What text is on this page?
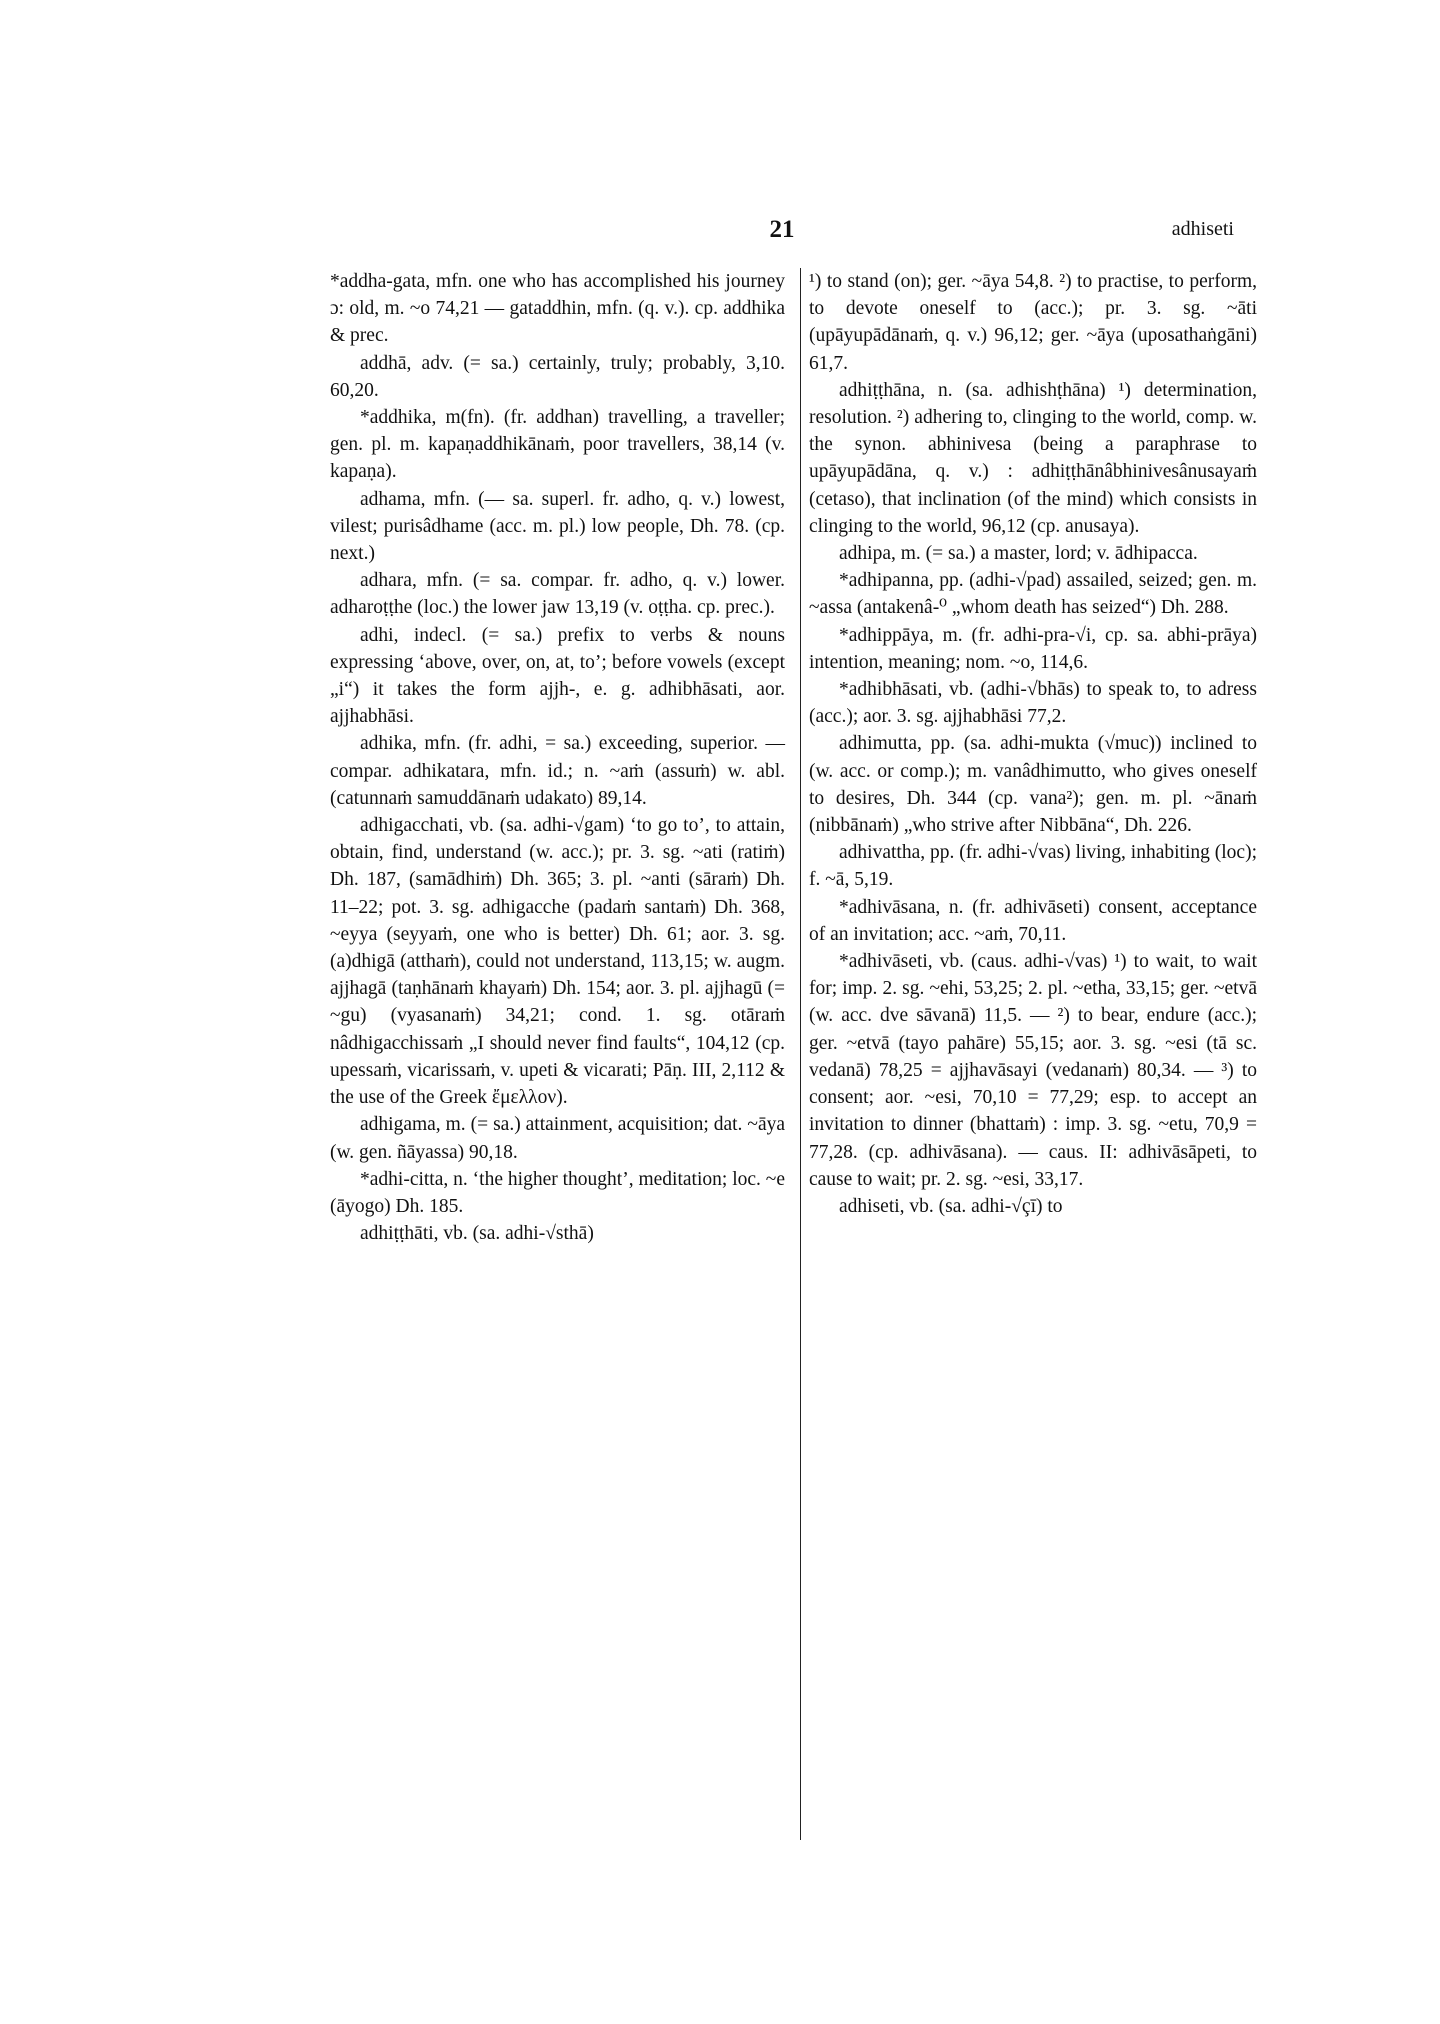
21	adhiseti

*addha-gata, mfn. one who has accomplished his journey ɔ: old, m. ~o 74,21 — gataddhin, mfn. (q. v.). cp. addhika & prec.

addhā, adv. (= sa.) certainly, truly; probably, 3,10. 60,20.

*addhika, m(fn). (fr. addhan) travelling, a traveller; gen. pl. m. kapaṇaddhikānaṁ, poor travellers, 38,14 (v. kapaṇa).

adhama, mfn. (— sa. superl. fr. adho, q. v.) lowest, vilest; purisâdhame (acc. m. pl.) low people, Dh. 78. (cp. next.)

adhara, mfn. (= sa. compar. fr. adho, q. v.) lower. adharoṭṭhe (loc.) the lower jaw 13,19 (v. oṭṭha. cp. prec.).

adhi, indecl. (= sa.) prefix to verbs & nouns expressing ‘above, over, on, at, to’; before vowels (except „i“) it takes the form ajjh-, e. g. adhibhāsati, aor. ajjhabhāsi.

adhika, mfn. (fr. adhi, = sa.) exceeding, superior. — compar. adhikatara, mfn. id.; n. ~aṁ (assuṁ) w. abl. (catunnaṁ samuddānaṁ udakato) 89,14.

adhigacchati, vb. (sa. adhi-√gam) ‘to go to’, to attain, obtain, find, understand (w. acc.); pr. 3. sg. ~ati (ratiṁ) Dh. 187, (samādhiṁ) Dh. 365; 3. pl. ~anti (sāraṁ) Dh. 11–22; pot. 3. sg. adhigacche (padaṁ santaṁ) Dh. 368, ~eyya (seyyaṁ, one who is better) Dh. 61; aor. 3. sg. (a)dhigā (atthaṁ), could not understand, 113,15; w. augm. ajjhagā (taṇhānaṁ khayaṁ) Dh. 154; aor. 3. pl. ajjhagū (= ~gu) (vyasanaṁ) 34,21; cond. 1. sg. otāraṁ nâdhigacchissaṁ „I should never find faults“, 104,12 (cp. upessaṁ, vicarissaṁ, v. upeti & vicarati; Pāṇ. III, 2,112 & the use of the Greek ἔμελλον).

adhigama, m. (= sa.) attainment, acquisition; dat. ~āya (w. gen. ñāyassa) 90,18.

*adhi-citta, n. ‘the higher thought’, meditation; loc. ~e (āyogo) Dh. 185.

adhiṭṭhāti, vb. (sa. adhi-√sthā)

¹) to stand (on); ger. ~āya 54,8. ²) to practise, to perform, to devote oneself to (acc.); pr. 3. sg. ~āti (upāyupādānaṁ, q. v.) 96,12; ger. ~āya (uposathaṅgāni) 61,7.

adhiṭṭhāna, n. (sa. adhishṭhāna) ¹) determination, resolution. ²) adhering to, clinging to the world, comp. w. the synon. abhinivesa (being a paraphrase to upāyupādāna, q. v.) : adhiṭṭhānâbhinivesânusayaṁ (cetaso), that inclination (of the mind) which consists in clinging to the world, 96,12 (cp. anusaya).

adhipa, m. (= sa.) a master, lord; v. ādhipacca.

*adhipanna, pp. (adhi-√pad) assailed, seized; gen. m. ~assa (antakenâ-⁰ „whom death has seized“) Dh. 288.

*adhippāya, m. (fr. adhi-pra-√i, cp. sa. abhi-prāya) intention, meaning; nom. ~o, 114,6.

*adhibhāsati, vb. (adhi-√bhās) to speak to, to adress (acc.); aor. 3. sg. ajjhabhāsi 77,2.

adhimutta, pp. (sa. adhi-mukta (√muc)) inclined to (w. acc. or comp.); m. vanâdhimutto, who gives oneself to desires, Dh. 344 (cp. vana²); gen. m. pl. ~ānaṁ (nibbānaṁ) „who strive after Nibbāna“, Dh. 226.

adhivattha, pp. (fr. adhi-√vas) living, inhabiting (loc); f. ~ā, 5,19.

*adhivāsana, n. (fr. adhivāseti) consent, acceptance of an invitation; acc. ~aṁ, 70,11.

*adhivāseti, vb. (caus. adhi-√vas) ¹) to wait, to wait for; imp. 2. sg. ~ehi, 53,25; 2. pl. ~etha, 33,15; ger. ~etvā (w. acc. dve sāvanā) 11,5. — ²) to bear, endure (acc.); ger. ~etvā (tayo pahāre) 55,15; aor. 3. sg. ~esi (tā sc. vedanā) 78,25 = ajjhavāsayi (vedanaṁ) 80,34. — ³) to consent; aor. ~esi, 70,10 = 77,29; esp. to accept an invitation to dinner (bhattaṁ) : imp. 3. sg. ~etu, 70,9 = 77,28. (cp. adhivāsana). — caus. II: adhivāsāpeti, to cause to wait; pr. 2. sg. ~esi, 33,17.

adhiseti, vb. (sa. adhi-√çī) to
